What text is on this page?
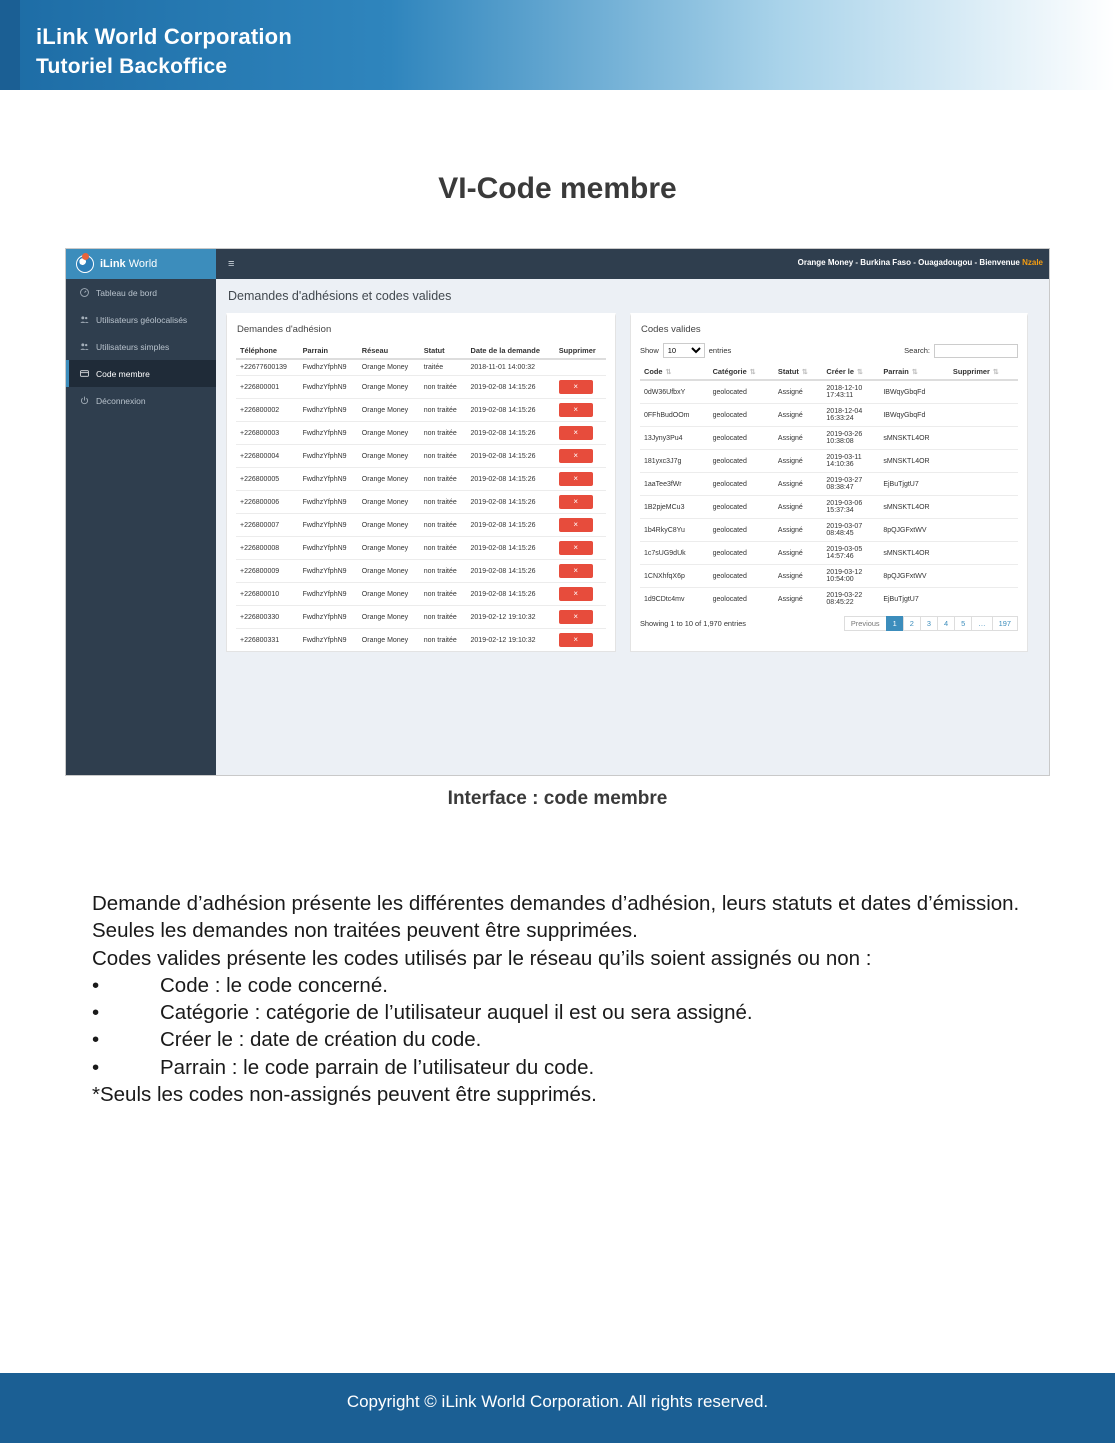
iLink World Corporation
Tutoriel Backoffice
VI-Code membre
iLink World	≡	Orange Money - Burkina Faso - Ouagadougou - Bienvenue Nzale
Tableau de bord
Utilisateurs géolocalisés
Utilisateurs simples
Code membre
Déconnexion
Demandes d'adhésions et codes valides
Demandes d'adhésion
Téléphone	Parrain	Réseau	Statut	Date de la demande	Supprimer
+22677600139	FwdhzYfphN9	Orange Money	traitée	2018-11-01 14:00:32	
+226800001	FwdhzYfphN9	Orange Money	non traitée	2019-02-08 14:15:26	×
+226800002	FwdhzYfphN9	Orange Money	non traitée	2019-02-08 14:15:26	×
+226800003	FwdhzYfphN9	Orange Money	non traitée	2019-02-08 14:15:26	×
+226800004	FwdhzYfphN9	Orange Money	non traitée	2019-02-08 14:15:26	×
+226800005	FwdhzYfphN9	Orange Money	non traitée	2019-02-08 14:15:26	×
+226800006	FwdhzYfphN9	Orange Money	non traitée	2019-02-08 14:15:26	×
+226800007	FwdhzYfphN9	Orange Money	non traitée	2019-02-08 14:15:26	×
+226800008	FwdhzYfphN9	Orange Money	non traitée	2019-02-08 14:15:26	×
+226800009	FwdhzYfphN9	Orange Money	non traitée	2019-02-08 14:15:26	×
+226800010	FwdhzYfphN9	Orange Money	non traitée	2019-02-08 14:15:26	×
+226800330	FwdhzYfphN9	Orange Money	non traitée	2019-02-12 19:10:32	×
+226800331	FwdhzYfphN9	Orange Money	non traitée	2019-02-12 19:10:32	×
Codes valides
Show
10	entries	Search:
Code ⇅	Catégorie ⇅	Statut ⇅	Créer le ⇅	Parrain ⇅	Supprimer ⇅
0dW36UfbxY	geolocated	Assigné	2018-12-10
17:43:11	IBWqyGbqFd	
0FFhBudOOm	geolocated	Assigné	2018-12-04
16:33:24	IBWqyGbqFd	
13Jyny3Pu4	geolocated	Assigné	2019-03-26
10:38:08	sMNSKTL4OR	
181yxc3J7g	geolocated	Assigné	2019-03-11
14:10:36	sMNSKTL4OR	
1aaTee3fWr	geolocated	Assigné	2019-03-27
08:38:47	EjBuTjgtU7	
1B2pjeMCu3	geolocated	Assigné	2019-03-06
15:37:34	sMNSKTL4OR	
1b4RkyC8Yu	geolocated	Assigné	2019-03-07
08:48:45	8pQJGFxtWV	
1c7sUG9dUk	geolocated	Assigné	2019-03-05
14:57:46	sMNSKTL4OR	
1CNXhfqX6p	geolocated	Assigné	2019-03-12
10:54:00	8pQJGFxtWV	
1d9CDtc4mv	geolocated	Assigné	2019-03-22
08:45:22	EjBuTjgtU7	
Showing 1 to 10 of 1,970 entries	Previous	1	2	3	4	5	…	197
Interface : code membre

Demande d’adhésion présente les différentes demandes d’adhésion, leurs statuts et dates d’émission. Seules les demandes non traitées peuvent être supprimées.

Codes valides présente les codes utilisés par le réseau qu’ils soient assignés ou non :

•	Code : le code concerné.
•	Catégorie : catégorie de l’utilisateur auquel il est ou sera assigné.
•	Créer le : date de création du code.
•	Parrain : le code parrain de l’utilisateur du code.

*Seuls les codes non-assignés peuvent être supprimés.

Copyright © iLink World Corporation. All rights reserved.
